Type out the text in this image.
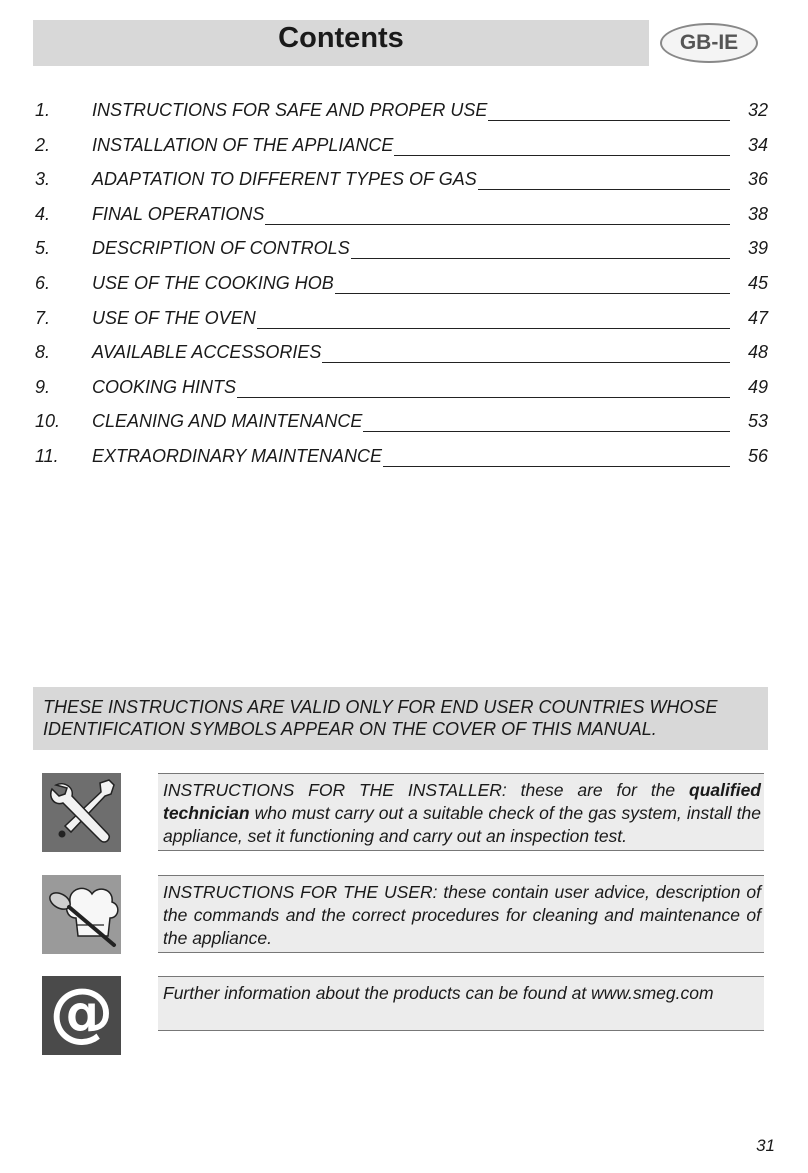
Contents	GB-IE
1. INSTRUCTIONS FOR SAFE AND PROPER USE	32
2. INSTALLATION OF THE APPLIANCE	34
3. ADAPTATION TO DIFFERENT TYPES OF GAS	36
4. FINAL OPERATIONS	38
5. DESCRIPTION OF CONTROLS	39
6. USE OF THE COOKING HOB	45
7. USE OF THE OVEN	47
8. AVAILABLE ACCESSORIES	48
9. COOKING HINTS	49
10. CLEANING AND MAINTENANCE	53
11. EXTRAORDINARY MAINTENANCE	56

THESE INSTRUCTIONS ARE VALID ONLY FOR END USER COUNTRIES WHOSE IDENTIFICATION SYMBOLS APPEAR ON THE COVER OF THIS MANUAL.

INSTRUCTIONS FOR THE INSTALLER: these are for the qualified technician who must carry out a suitable check of the gas system, install the appliance, set it functioning and carry out an inspection test.

INSTRUCTIONS FOR THE USER: these contain user advice, description of the commands and the correct procedures for cleaning and maintenance of the appliance.

@	Further information about the products can be found at www.smeg.com

31
